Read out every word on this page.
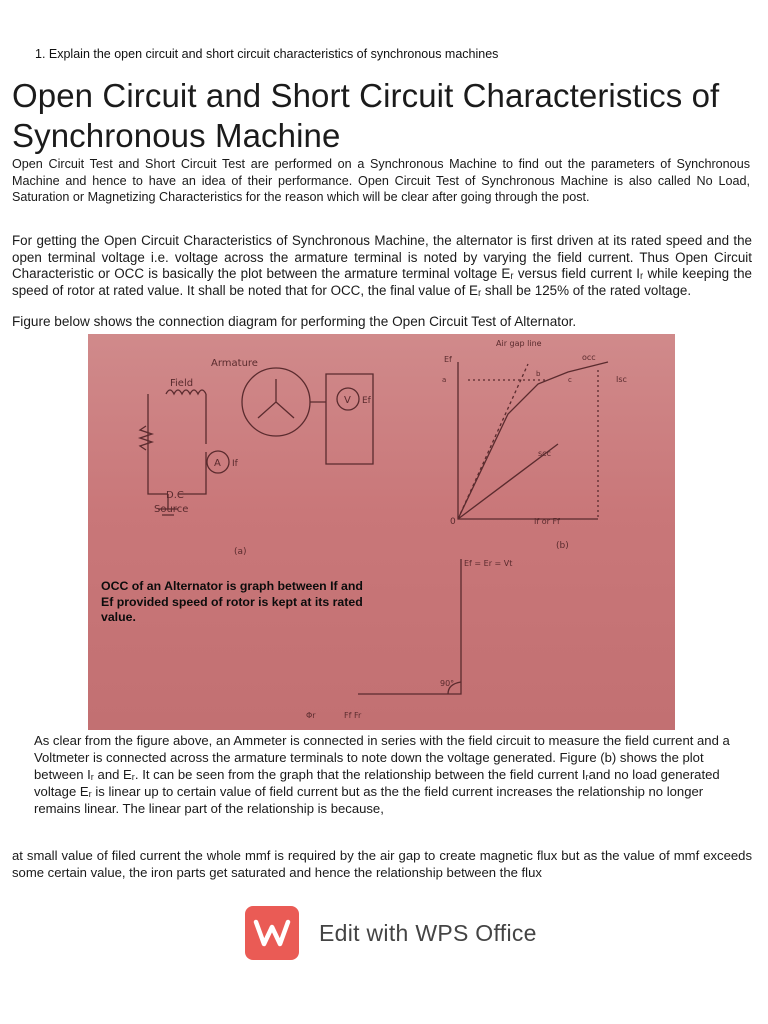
1. Explain the open circuit and short circuit characteristics of synchronous machines
Open Circuit and Short Circuit Characteristics of Synchronous Machine

Open Circuit Test and Short Circuit Test are performed on a Synchronous Machine to find out the parameters of Synchronous Machine and hence to have an idea of their performance. Open Circuit Test of Synchronous Machine is also called No Load, Saturation or Magnetizing Characteristics for the reason which will be clear after going through the post.

For getting the Open Circuit Characteristics of Synchronous Machine, the alternator is first driven at its rated speed and the open terminal voltage i.e. voltage across the armature terminal is noted by varying the field current. Thus Open Circuit Characteristic or OCC is basically the plot between the armature terminal voltage Eᵣ versus field current Iᵣ while keeping the speed of rotor at rated value. It shall be noted that for OCC, the final value of Eᵣ shall be 125% of the rated voltage.

Figure below shows the connection diagram for performing the Open Circuit Test of Alternator.
Armature
Field
D.C
Source
A
V
If
Ef
(a)
(b)
Air gap line
occ
scc
Isc
Ef
0	If or Ff
Ef = Er = Vt
90°
Φr	Ff Fr
a
b
c
OCC of an Alternator is graph between If and Ef provided speed of rotor is kept at its rated value.

As clear from the figure above, an Ammeter is connected in series with the field circuit to measure the field current and a Voltmeter is connected across the armature terminals to note down the voltage generated. Figure (b) shows the plot between Iᵣ and Eᵣ. It can be seen from the graph that the relationship between the field current Iᵣand no load generated voltage Eᵣ is linear up to certain value of field current but as the the field current increases the relationship no longer remains linear. The linear part of the relationship is because,

at small value of filed current the whole mmf is required by the air gap to create magnetic flux but as the value of mmf exceeds some certain value, the iron parts get saturated and hence the relationship between the flux

Edit with WPS Office
